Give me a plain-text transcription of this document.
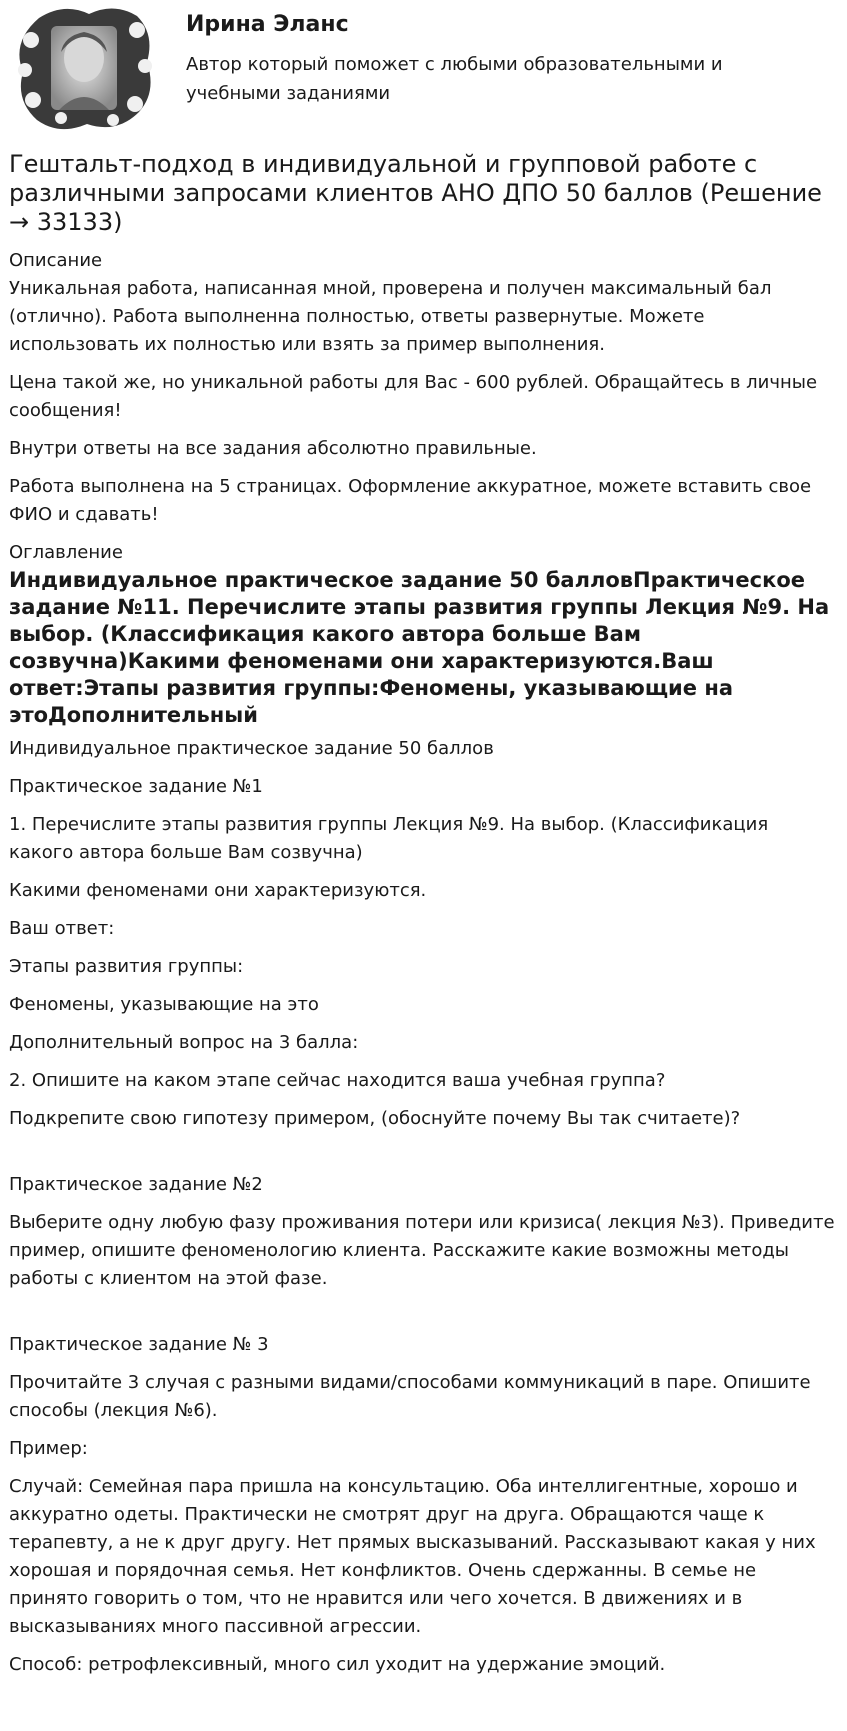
Ирина Эланс
Автор который поможет с любыми образовательными и учебными заданиями
Гештальт-подход в индивидуальной и групповой работе с различными запросами клиентов АНО ДПО 50 баллов (Решение → 33133)
Описание

Уникальная работа, написанная мной, проверена и получен максимальный бал (отлично). Работа выполненна полностью, ответы развернутые. Можете использовать их полностью или взять за пример выполнения.

Цена такой же, но уникальной работы для Вас - 600 рублей. Обращайтесь в личные сообщения!

Внутри ответы на все задания абсолютно правильные.

Работа выполнена на 5 страницах. Оформление аккуратное, можете вставить свое ФИО и сдавать!

Оглавление
Индивидуальное практическое задание 50 балловПрактическое задание №11. Перечислите этапы развития группы Лекция №9. На выбор. (Классификация какого автора больше Вам созвучна)Какими феноменами они характеризуются.Ваш ответ:Этапы развития группы:Феномены, указывающие на этоДополнительный

Индивидуальное практическое задание 50 баллов

Практическое задание №1

1. Перечислите этапы развития группы Лекция №9. На выбор. (Классификация какого автора больше Вам созвучна)

Какими феноменами они характеризуются.

Ваш ответ:

Этапы развития группы:

Феномены, указывающие на это

Дополнительный вопрос на 3 балла:

2. Опишите на каком этапе сейчас находится ваша учебная группа?

Подкрепите свою гипотезу примером, (обоснуйте почему Вы так считаете)?

Практическое задание №2

Выберите одну любую фазу проживания потери или кризиса( лекция №3). Приведите пример, опишите феноменологию клиента. Расскажите какие возможны методы работы с клиентом на этой фазе.

Практическое задание № 3

Прочитайте 3 случая с разными видами/способами коммуникаций в паре. Опишите способы (лекция №6).

Пример:

Случай: Семейная пара пришла на консультацию. Оба интеллигентные, хорошо и аккуратно одеты. Практически не смотрят друг на друга. Обращаются чаще к терапевту, а не к друг другу. Нет прямых высказываний. Рассказывают какая у них хорошая и порядочная семья. Нет конфликтов. Очень сдержанны. В семье не принято говорить о том, что не нравится или чего хочется. В движениях и в высказываниях много пассивной агрессии.

Способ: ретрофлексивный, много сил уходит на удержание эмоций.
